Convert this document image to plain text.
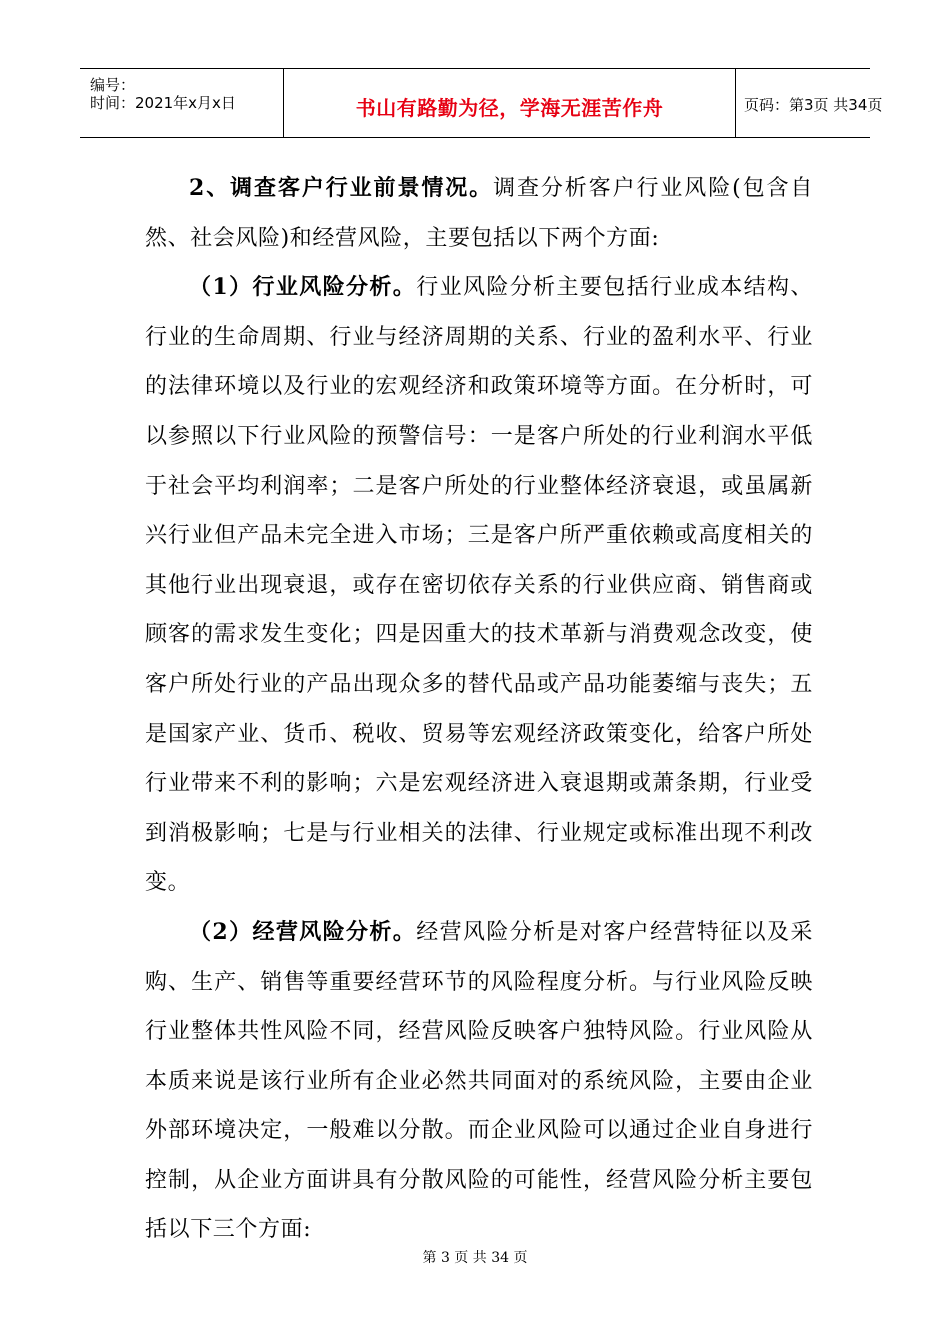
编号：
时间：2021年x月x日	书山有路勤为径，学海无涯苦作舟	页码：第3页 共34页

2、调查客户行业前景情况。调查分析客户行业风险(包含自然、社会风险)和经营风险，主要包括以下两个方面:

（1）行业风险分析。行业风险分析主要包括行业成本结构、行业的生命周期、行业与经济周期的关系、行业的盈利水平、行业的法律环境以及行业的宏观经济和政策环境等方面。在分析时，可以参照以下行业风险的预警信号：一是客户所处的行业利润水平低于社会平均利润率；二是客户所处的行业整体经济衰退，或虽属新兴行业但产品未完全进入市场；三是客户所严重依赖或高度相关的其他行业出现衰退，或存在密切依存关系的行业供应商、销售商或顾客的需求发生变化；四是因重大的技术革新与消费观念改变，使客户所处行业的产品出现众多的替代品或产品功能萎缩与丧失；五是国家产业、货币、税收、贸易等宏观经济政策变化，给客户所处行业带来不利的影响；六是宏观经济进入衰退期或萧条期，行业受到消极影响；七是与行业相关的法律、行业规定或标准出现不利改变。

（2）经营风险分析。经营风险分析是对客户经营特征以及采购、生产、销售等重要经营环节的风险程度分析。与行业风险反映行业整体共性风险不同，经营风险反映客户独特风险。行业风险从本质来说是该行业所有企业必然共同面对的系统风险，主要由企业外部环境决定，一般难以分散。而企业风险可以通过企业自身进行控制，从企业方面讲具有分散风险的可能性，经营风险分析主要包括以下三个方面:

第 3 页 共 34 页
